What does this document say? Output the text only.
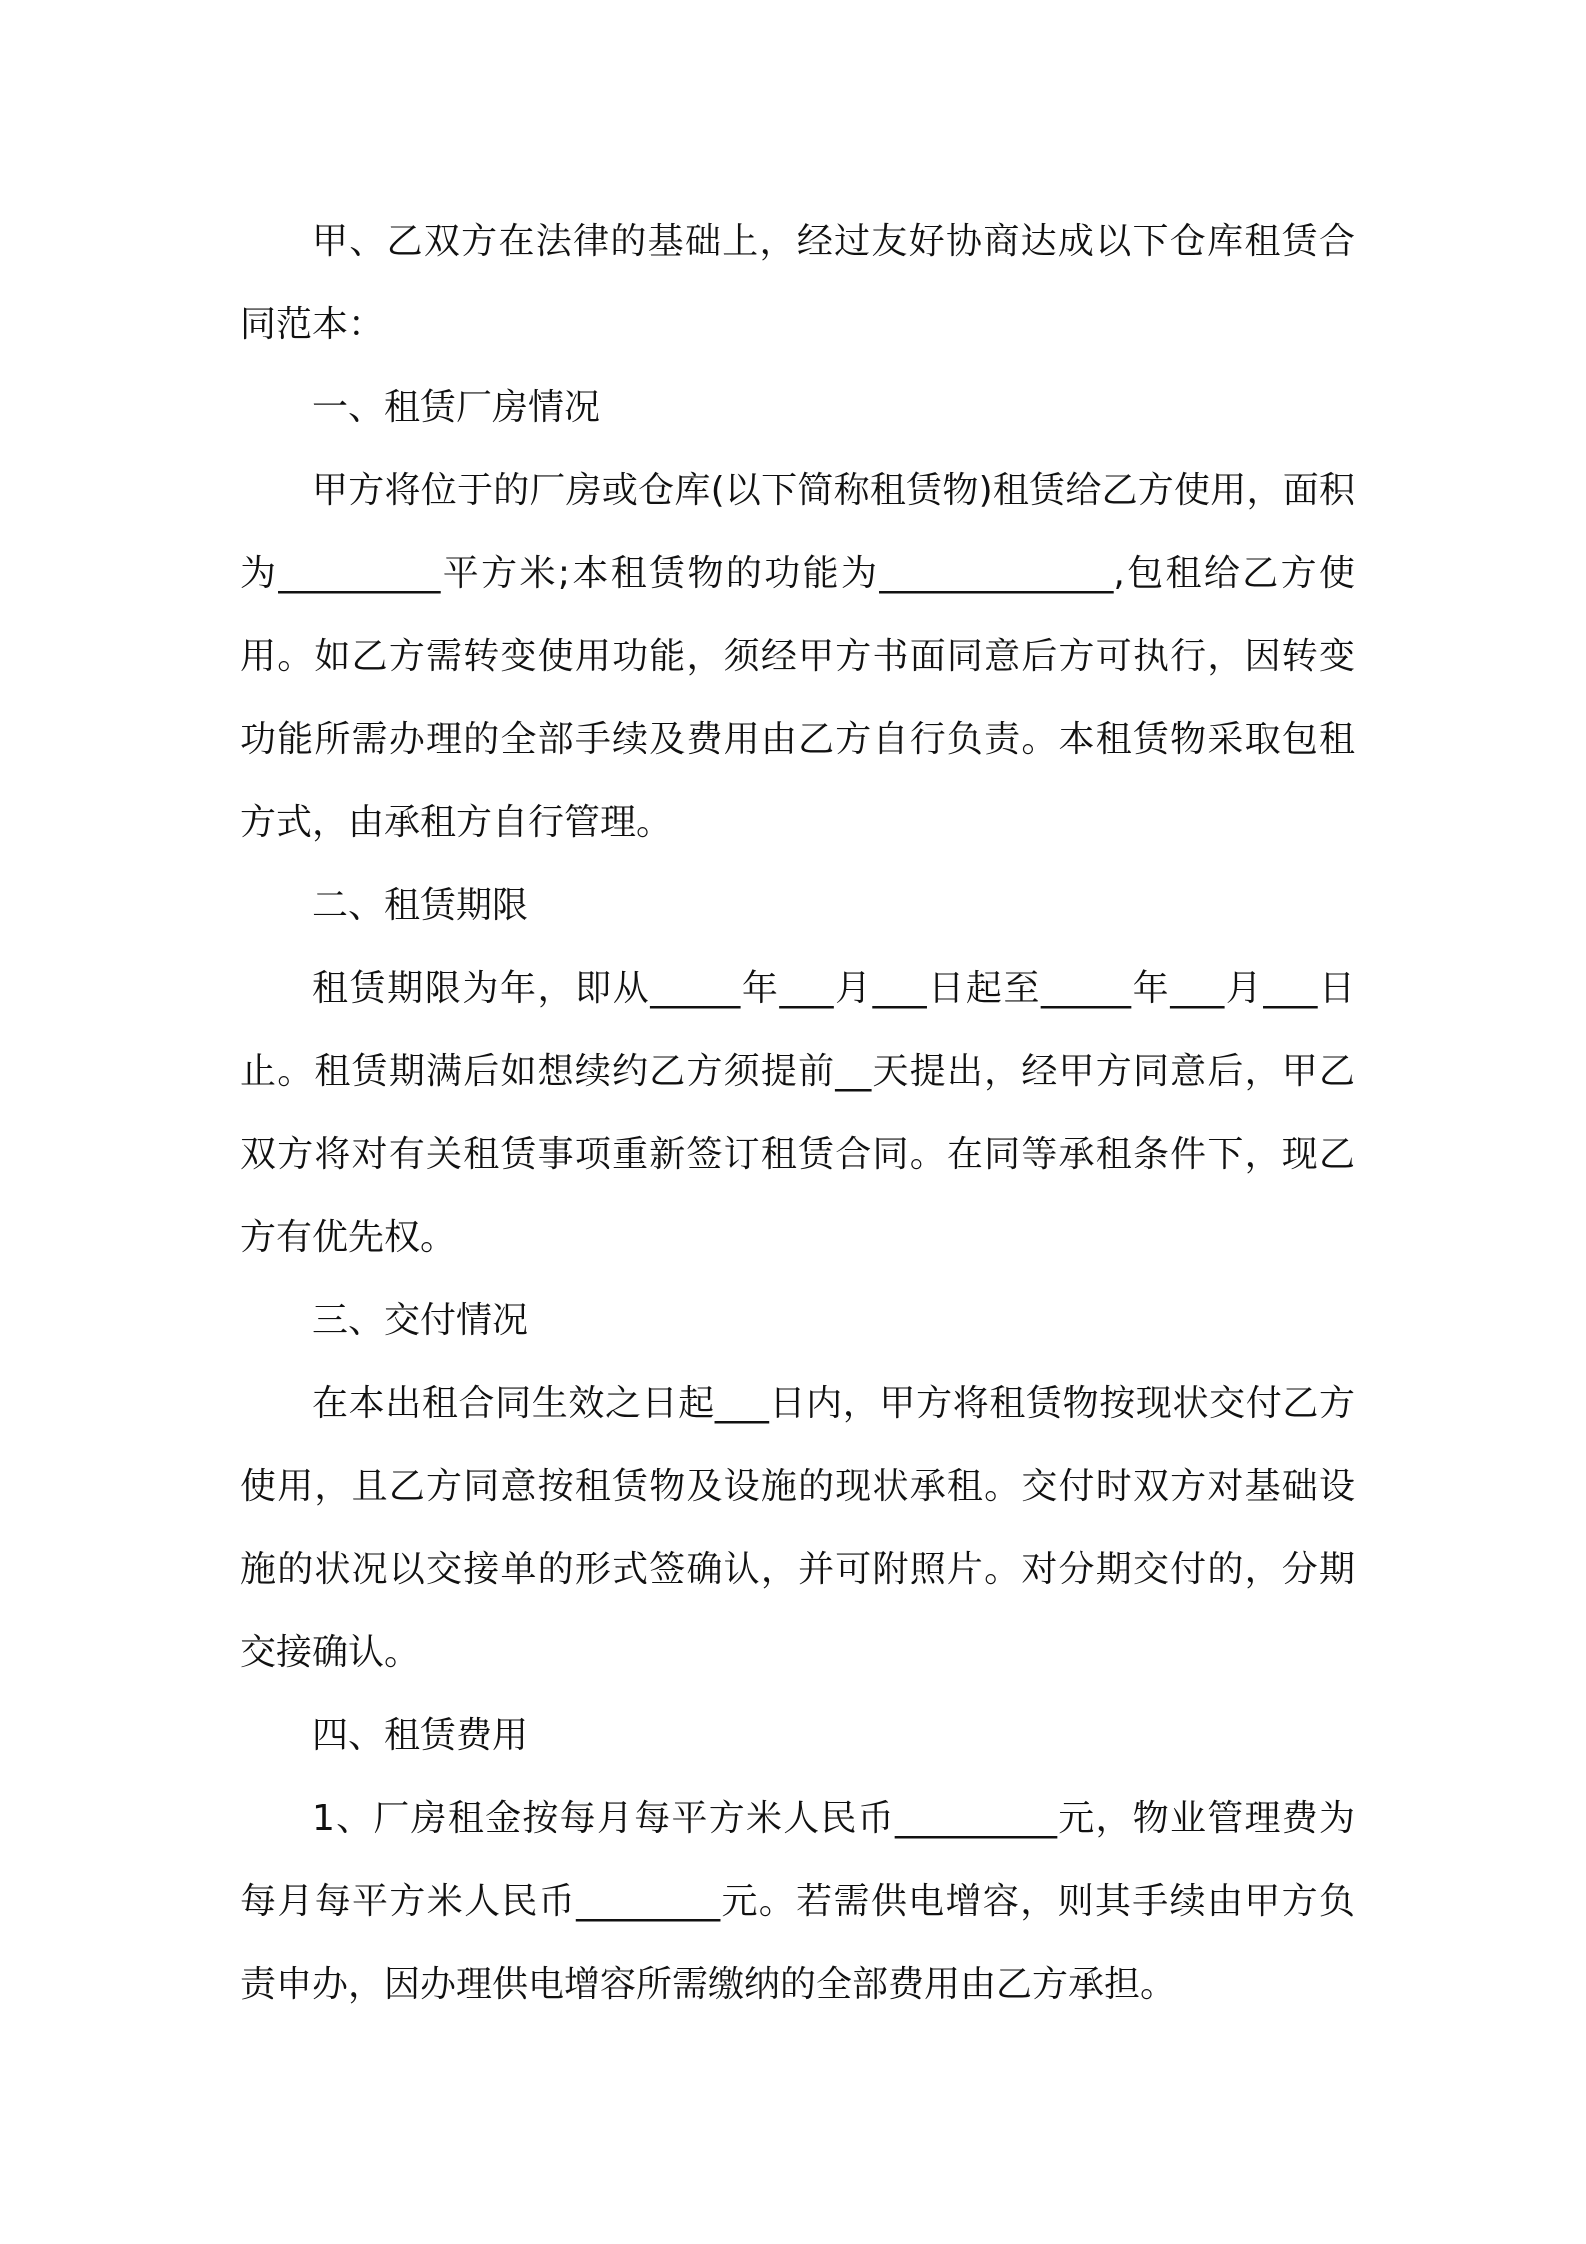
甲、乙双方在法律的基础上，经过友好协商达成以下仓库租赁合同范本：

一、租赁厂房情况

甲方将位于的厂房或仓库(以下简称租赁物)租赁给乙方使用，面积为_________平方米;本租赁物的功能为_____________,包租给乙方使用。如乙方需转变使用功能，须经甲方书面同意后方可执行，因转变功能所需办理的全部手续及费用由乙方自行负责。本租赁物采取包租方式，由承租方自行管理。

二、租赁期限

租赁期限为年，即从_____年___月___日起至_____年___月___日止。租赁期满后如想续约乙方须提前__天提出，经甲方同意后，甲乙双方将对有关租赁事项重新签订租赁合同。在同等承租条件下，现乙方有优先权。

三、交付情况

在本出租合同生效之日起___日内，甲方将租赁物按现状交付乙方使用，且乙方同意按租赁物及设施的现状承租。交付时双方对基础设施的状况以交接单的形式签确认，并可附照片。对分期交付的，分期交接确认。

四、租赁费用

1、厂房租金按每月每平方米人民币_________元，物业管理费为每月每平方米人民币________元。若需供电增容，则其手续由甲方负责申办，因办理供电增容所需缴纳的全部费用由乙方承担。
